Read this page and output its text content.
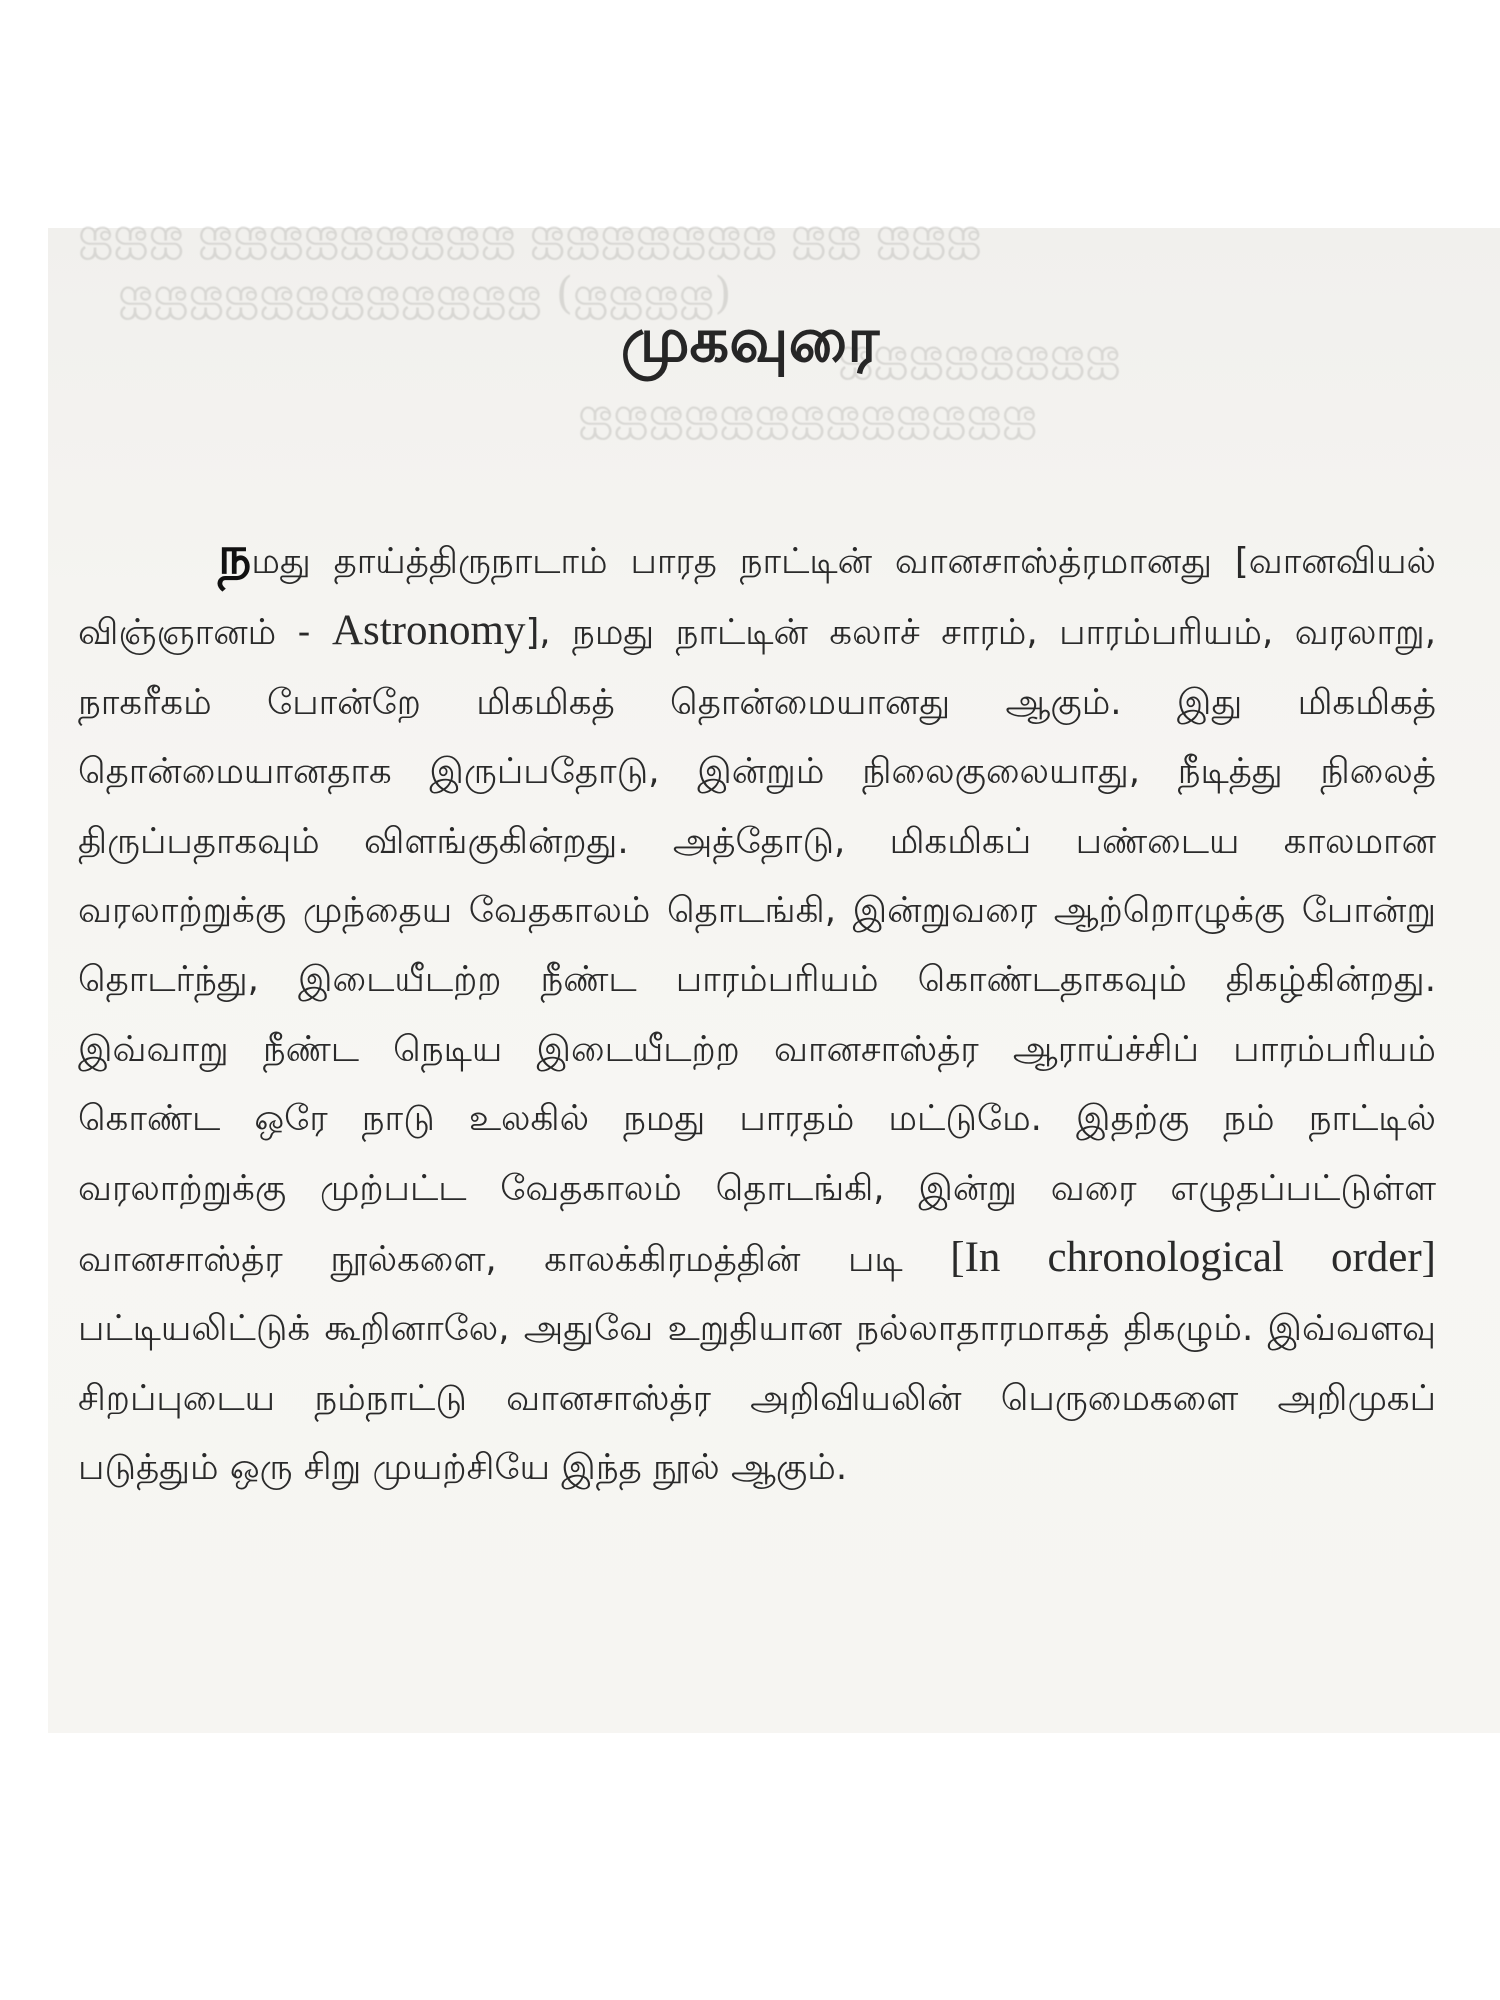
ஐஐஐ ஐஐ ஐஐஐஐஐஐஐ ஐஐஐஐஐஐஐஐஐ ஐஐஐ
(ஐஐஐஐ) ஐஐஐஐஐஐஐஐஐஐஐஐ
ஐஐஐஐஐஐஐஐ
ஐஐஐஐஐஐஐஐஐஐஐஐஐ
முகவுரை

நமது தாய்த்திருநாடாம் பாரத நாட்டின் வானசாஸ்த்ரமானது [வானவியல் விஞ்ஞானம் - Astronomy], நமது நாட்டின் கலாச் சாரம், பாரம்பரியம், வரலாறு, நாகரீகம் போன்றே மிகமிகத் தொன்மையானது ஆகும். இது மிகமிகத் தொன்மையானதாக இருப்பதோடு, இன்றும் நிலைகுலையாது, நீடித்து நிலைத் திருப்பதாகவும் விளங்குகின்றது. அத்தோடு, மிகமிகப் பண்டைய காலமான வரலாற்றுக்கு முந்தைய வேதகாலம் தொடங்கி, இன்றுவரை ஆற்றொழுக்கு போன்று தொடர்ந்து, இடையீடற்ற நீண்ட பாரம்பரியம் கொண்டதாகவும் திகழ்கின்றது. இவ்வாறு நீண்ட நெடிய இடையீடற்ற வானசாஸ்த்ர ஆராய்ச்சிப் பாரம்பரியம் கொண்ட ஒரே நாடு உலகில் நமது பாரதம் மட்டுமே. இதற்கு நம் நாட்டில் வரலாற்றுக்கு முற்பட்ட வேதகாலம் தொடங்கி, இன்று வரை எழுதப்பட்டுள்ள வானசாஸ்த்ர நூல்களை, காலக்கிரமத்தின் படி [In chronological order] பட்டியலிட்டுக் கூறினாலே, அதுவே உறுதியான நல்லாதாரமாகத் திகழும். இவ்வளவு சிறப்புடைய நம்நாட்டு வானசாஸ்த்ர அறிவியலின் பெருமைகளை அறிமுகப் படுத்தும் ஒரு சிறு முயற்சியே இந்த நூல் ஆகும்.
